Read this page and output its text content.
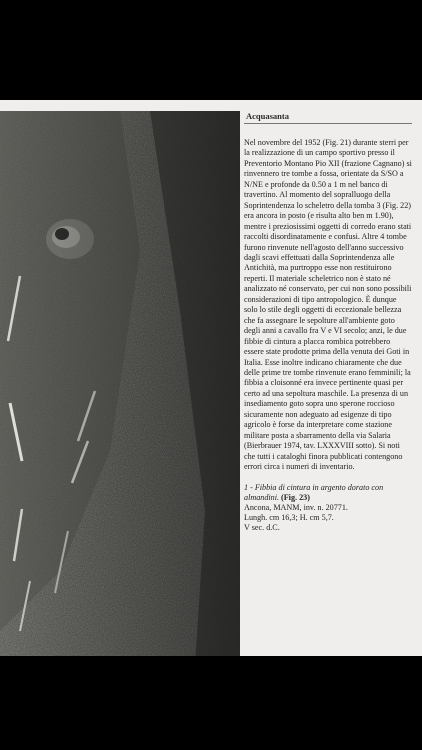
Acquasanta

Nel novembre del 1952 (Fig. 21) durante sterri per la realizzazione di un campo sportivo presso il Preventorio Montano Pio XII (frazione Cagnano) si rinvennero tre tombe a fossa, orientate da S/SO a N/NE e profonde da 0.50 a 1 m nel banco di travertino. Al momento del sopralluogo della Soprintendenza lo scheletro della tomba 3 (Fig. 22) era ancora in posto (e risulta alto ben m 1.90), mentre i preziosissimi oggetti di corredo erano stati raccolti disordinatamente e confusi. Altre 4 tombe furono rinvenute nell'agosto dell'anno successivo dagli scavi effettuati dalla Soprintendenza alle Antichità, ma purtroppo esse non restituirono reperti. Il materiale scheletrico non è stato né analizzato né conservato, per cui non sono possibili considerazioni di tipo antropologico. È dunque solo lo stile degli oggetti di eccezionale bellezza che fa assegnare le sepolture all'ambiente goto degli anni a cavallo fra V e VI secolo; anzi, le due fibbie di cintura a placca rombica potrebbero essere state prodotte prima della venuta dei Goti in Italia. Esse inoltre indicano chiaramente che due delle prime tre tombe rinvenute erano femminili; la fibbia a cloisonné era invece pertinente quasi per certo ad una sepoltura maschile. La presenza di un insediamento goto sopra uno sperone roccioso sicuramente non adeguato ad esigenze di tipo agricolo è forse da interpretare come stazione militare posta a sbarramento della via Salaria (Bierbrauer 1974, tav. LXXXVIII sotto). Si noti che tutti i cataloghi finora pubblicati contengono errori circa i numeri di inventario.

1 - Fibbia di cintura in argento dorato con almandini. (Fig. 23)
Ancona, MANM, inv. n. 20771.
Lungh. cm 16,3; H. cm 5,7.
V sec. d.C.
